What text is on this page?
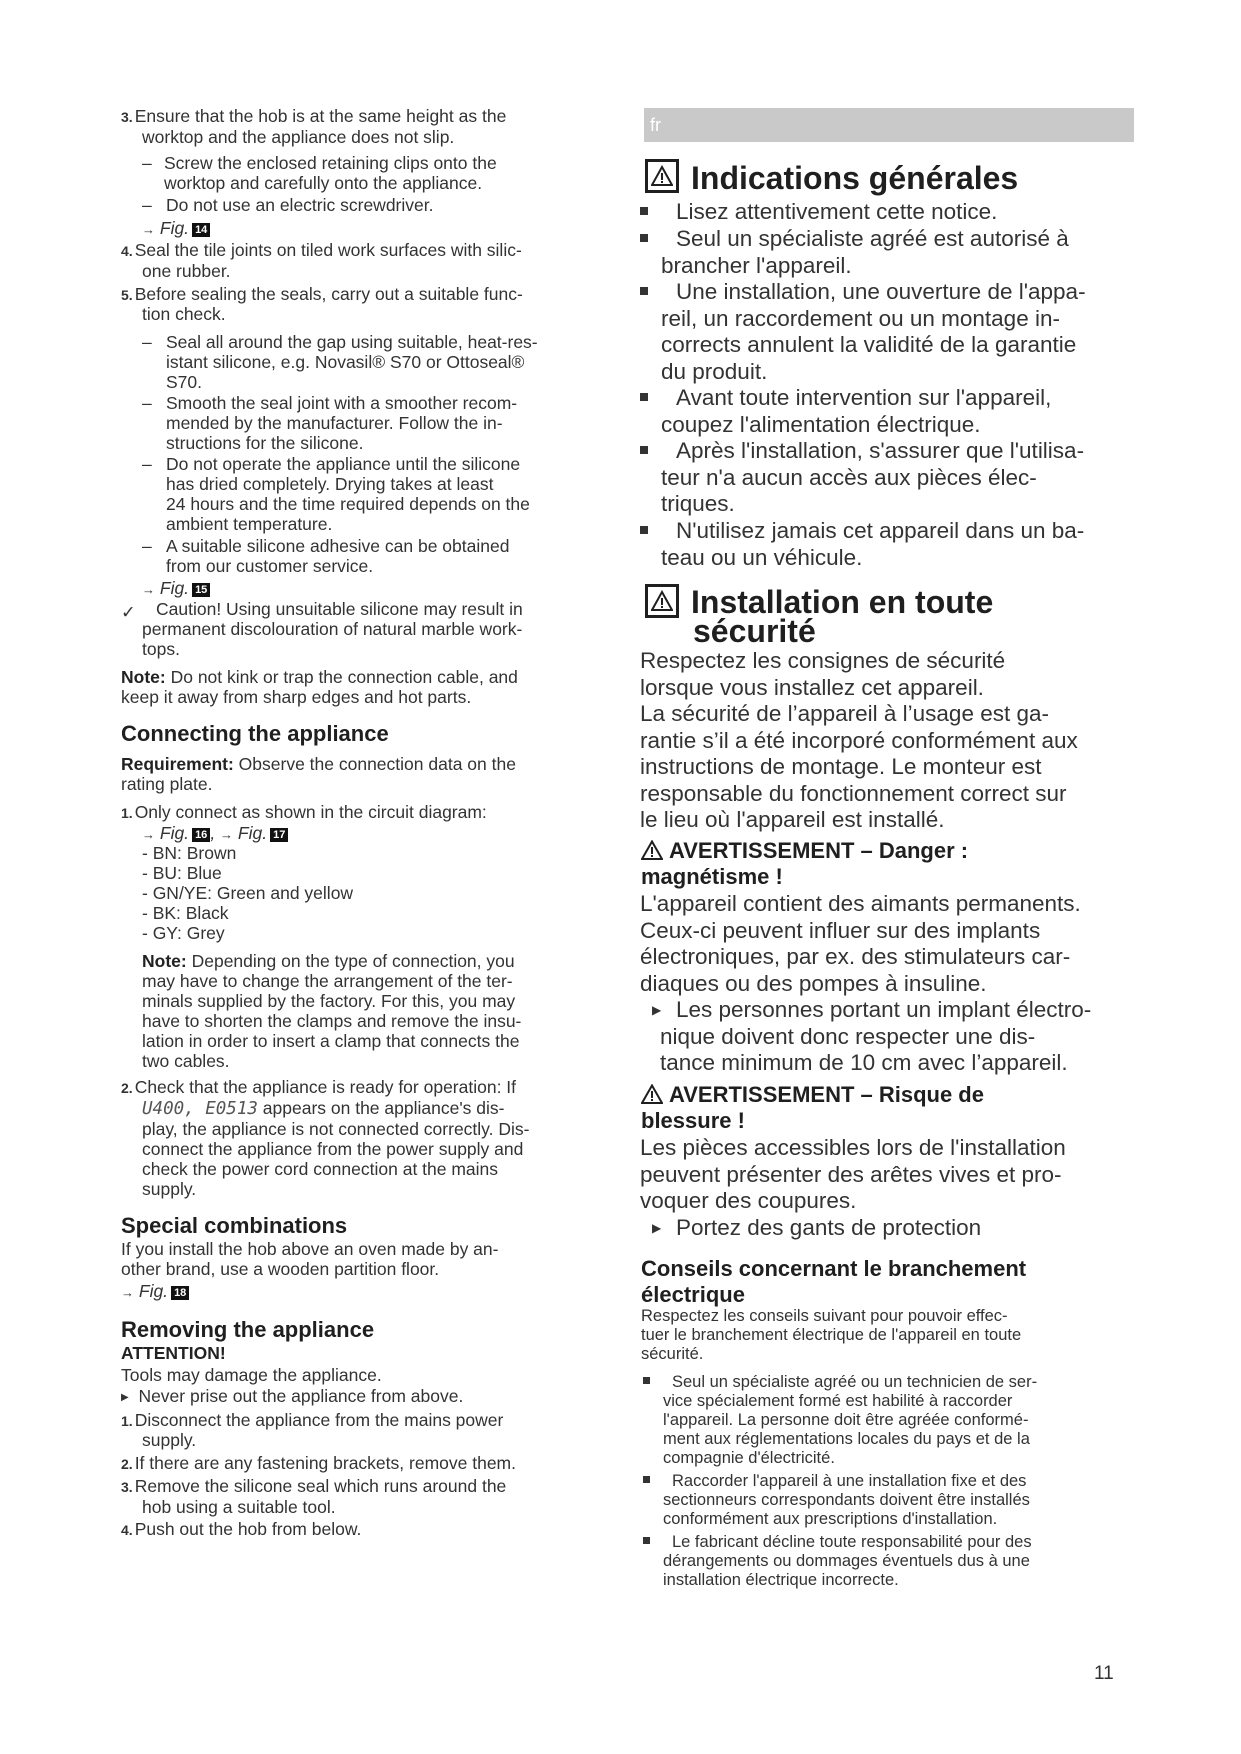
3. Ensure that the hob is at the same height as the
worktop and the appliance does not slip.
– Screw the enclosed retaining clips onto the
worktop and carefully onto the appliance.
– Do not use an electric screwdriver.
→ Fig. 14
4. Seal the tile joints on tiled work surfaces with silic-
one rubber.
5. Before sealing the seals, carry out a suitable func-
tion check.
– Seal all around the gap using suitable, heat-res-
istant silicone, e.g. Novasil® S70 or Ottoseal®
S70.
– Smooth the seal joint with a smoother recom-
mended by the manufacturer. Follow the in-
structions for the silicone.
– Do not operate the appliance until the silicone
has dried completely. Drying takes at least
24 hours and the time required depends on the
ambient temperature.
– A suitable silicone adhesive can be obtained
from our customer service.
→ Fig. 15
✓	Caution! Using unsuitable silicone may result in
permanent discolouration of natural marble work-
tops.
Note: Do not kink or trap the connection cable, and
keep it away from sharp edges and hot parts.
Connecting the appliance
Requirement: Observe the connection data on the
rating plate.
1. Only connect as shown in the circuit diagram:
→ Fig. 16 , → Fig. 17
- BN: Brown
- BU: Blue
- GN/YE: Green and yellow
- BK: Black
- GY: Grey
Note: Depending on the type of connection, you
may have to change the arrangement of the ter-
minals supplied by the factory. For this, you may
have to shorten the clamps and remove the insu-
lation in order to insert a clamp that connects the
two cables.
2. Check that the appliance is ready for operation: If
U400, E0513 appears on the appliance's dis-
play, the appliance is not connected correctly. Dis-
connect the appliance from the power supply and
check the power cord connection at the mains
supply.
Special combinations
If you install the hob above an oven made by an-
other brand, use a wooden partition floor.
→ Fig. 18
Removing the appliance
ATTENTION!
Tools may damage the appliance.
▶ Never prise out the appliance from above.
1. Disconnect the appliance from the mains power
supply.
2. If there are any fastening brackets, remove them.
3. Remove the silicone seal which runs around the
hob using a suitable tool.
4. Push out the hob from below.
fr
Indications générales
Lisez attentivement cette notice.
Seul un spécialiste agréé est autorisé à
brancher l'appareil.
Une installation, une ouverture de l'appa-
reil, un raccordement ou un montage in-
corrects annulent la validité de la garantie
du produit.
Avant toute intervention sur l'appareil,
coupez l'alimentation électrique.
Après l'installation, s'assurer que l'utilisa-
teur n'a aucun accès aux pièces élec-
triques.
N'utilisez jamais cet appareil dans un ba-
teau ou un véhicule.
Installation en toute
sécurité
Respectez les consignes de sécurité
lorsque vous installez cet appareil.
La sécurité de l’appareil à l’usage est ga-
rantie s’il a été incorporé conformément aux
instructions de montage. Le monteur est
responsable du fonctionnement correct sur
le lieu où l'appareil est installé.
AVERTISSEMENT – Danger :
magnétisme !
L'appareil contient des aimants permanents.
Ceux-ci peuvent influer sur des implants
électroniques, par ex. des stimulateurs car-
diaques ou des pompes à insuline.
▶ Les personnes portant un implant électro-
nique doivent donc respecter une dis-
tance minimum de 10 cm avec l’appareil.
AVERTISSEMENT – Risque de
blessure !
Les pièces accessibles lors de l'installation
peuvent présenter des arêtes vives et pro-
voquer des coupures.
▶ Portez des gants de protection
Conseils concernant le branchement
électrique
Respectez les conseils suivant pour pouvoir effec-
tuer le branchement électrique de l'appareil en toute
sécurité.
Seul un spécialiste agréé ou un technicien de ser-
vice spécialement formé est habilité à raccorder
l'appareil. La personne doit être agréée conformé-
ment aux réglementations locales du pays et de la
compagnie d'électricité.
Raccorder l'appareil à une installation fixe et des
sectionneurs correspondants doivent être installés
conformément aux prescriptions d'installation.
Le fabricant décline toute responsabilité pour des
dérangements ou dommages éventuels dus à une
installation électrique incorrecte.
11
